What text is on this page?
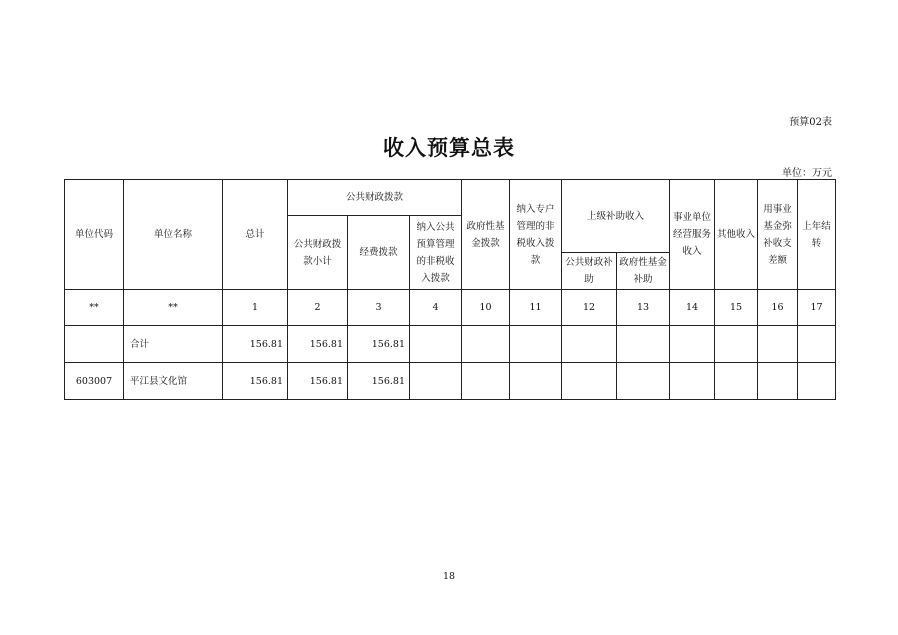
预算02表
收入预算总表
单位：万元
单位代码	单位名称	总计	公共财政拨款			政府性基金拨款	纳入专户管理的非税收入拨款	上级补助收入		事业单位经营服务收入	其他收入	用事业基金弥补收支差额	上年结转
			公共财政拨款小计	经费拨款	纳入公共预算管理的非税收入拨款								
								公共财政补助	政府性基金补助				
**	**	1	2	3	4	10	11	12	13	14	15	16	17
	合计	156.81	156.81	156.81									
603007	平江县文化馆	156.81	156.81	156.81									
18
